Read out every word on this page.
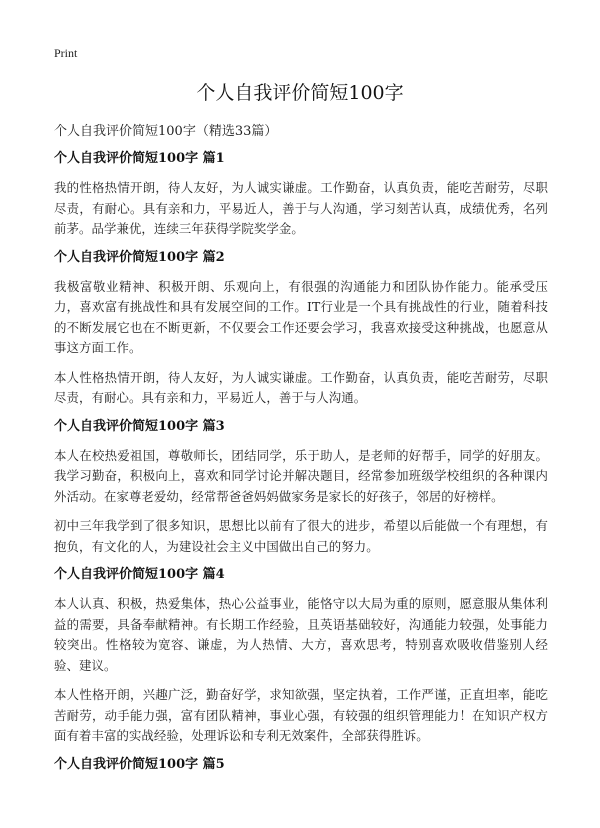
Print
个人自我评价简短100字
个人自我评价简短100字（精选33篇）
个人自我评价简短100字 篇1

我的性格热情开朗，待人友好，为人诚实谦虚。工作勤奋，认真负责，能吃苦耐劳，尽职尽责，有耐心。具有亲和力，平易近人，善于与人沟通，学习刻苦认真，成绩优秀，名列前茅。品学兼优，连续三年获得学院奖学金。

个人自我评价简短100字 篇2

我极富敬业精神、积极开朗、乐观向上，有很强的沟通能力和团队协作能力。能承受压力，喜欢富有挑战性和具有发展空间的工作。IT行业是一个具有挑战性的行业，随着科技的不断发展它也在不断更新，不仅要会工作还要会学习，我喜欢接受这种挑战，也愿意从事这方面工作。

本人性格热情开朗，待人友好，为人诚实谦虚。工作勤奋，认真负责，能吃苦耐劳，尽职尽责，有耐心。具有亲和力，平易近人，善于与人沟通。

个人自我评价简短100字 篇3

本人在校热爱祖国，尊敬师长，团结同学，乐于助人，是老师的好帮手，同学的好朋友。我学习勤奋，积极向上，喜欢和同学讨论并解决题目，经常参加班级学校组织的各种课内外活动。在家尊老爱幼，经常帮爸爸妈妈做家务是家长的好孩子，邻居的好榜样。

初中三年我学到了很多知识，思想比以前有了很大的进步，希望以后能做一个有理想，有抱负，有文化的人，为建设社会主义中国做出自己的努力。

个人自我评价简短100字 篇4

本人认真、积极，热爱集体，热心公益事业，能恪守以大局为重的原则，愿意服从集体利益的需要，具备奉献精神。有长期工作经验，且英语基础较好，沟通能力较强，处事能力较突出。性格较为宽容、谦虚，为人热情、大方，喜欢思考，特别喜欢吸收借鉴别人经验、建议。

本人性格开朗，兴趣广泛，勤奋好学，求知欲强，坚定执着，工作严谨，正直坦率，能吃苦耐劳，动手能力强，富有团队精神，事业心强，有较强的组织管理能力！在知识产权方面有着丰富的实战经验，处理诉讼和专利无效案件，全部获得胜诉。

个人自我评价简短100字 篇5
